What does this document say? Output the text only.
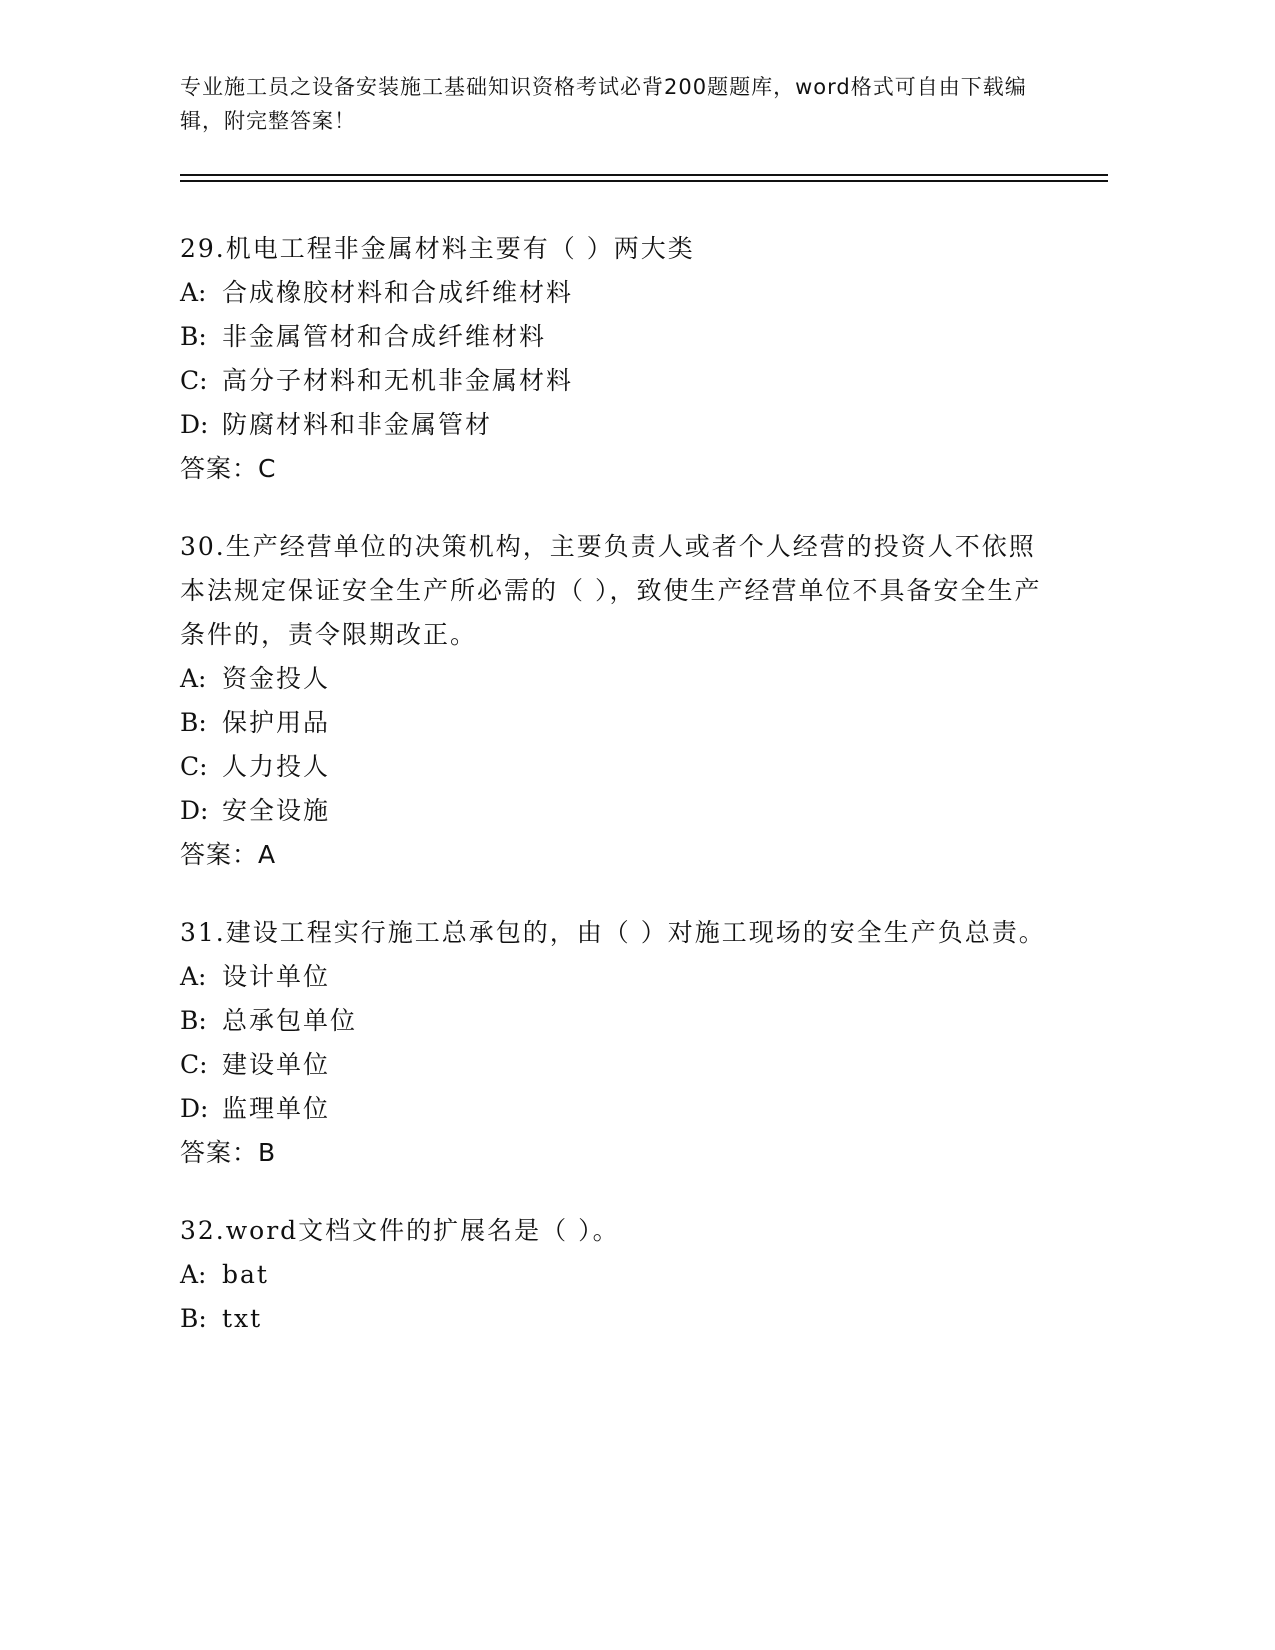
专业施工员之设备安装施工基础知识资格考试必背200题题库，word格式可自由下载编辑，附完整答案！

29.机电工程非金属材料主要有（ ）两大类

A: 合成橡胶材料和合成纤维材料

B: 非金属管材和合成纤维材料

C: 高分子材料和无机非金属材料

D: 防腐材料和非金属管材

答案：C

30.生产经营单位的决策机构，主要负责人或者个人经营的投资人不依照本法规定保证安全生产所必需的（ ），致使生产经营单位不具备安全生产条件的，责令限期改正。

A: 资金投人

B: 保护用品

C: 人力投人

D: 安全设施

答案：A

31.建设工程实行施工总承包的，由（ ）对施工现场的安全生产负总责。

A: 设计单位

B: 总承包单位

C: 建设单位

D: 监理单位

答案：B

32.word文档文件的扩展名是（ ）。

A: bat

B: txt
